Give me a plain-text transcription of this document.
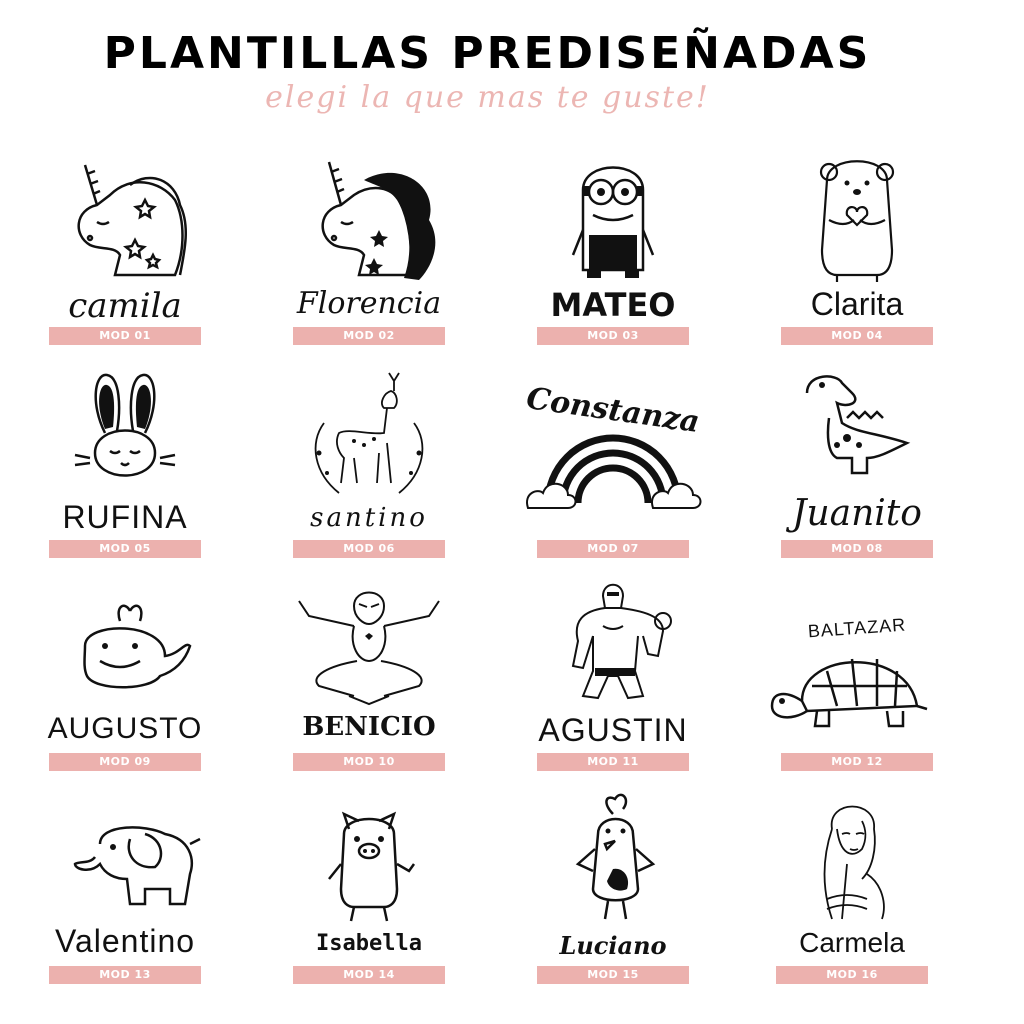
PLANTILLAS PREDISEÑADAS
elegi la que mas te guste!
camila
MOD 01
Florencia
MOD 02
MATEO
MOD 03
Clarita
MOD 04
RUFINA
MOD 05
santino
MOD 06
Constanza
MOD 07
Juanito
MOD 08
AUGUSTO
MOD 09
BENICIO
MOD 10
AGUSTIN
MOD 11
BALTAZAR
MOD 12
Valentino
MOD 13
Isabella
MOD 14
Luciano
MOD 15
Carmela
MOD 16
